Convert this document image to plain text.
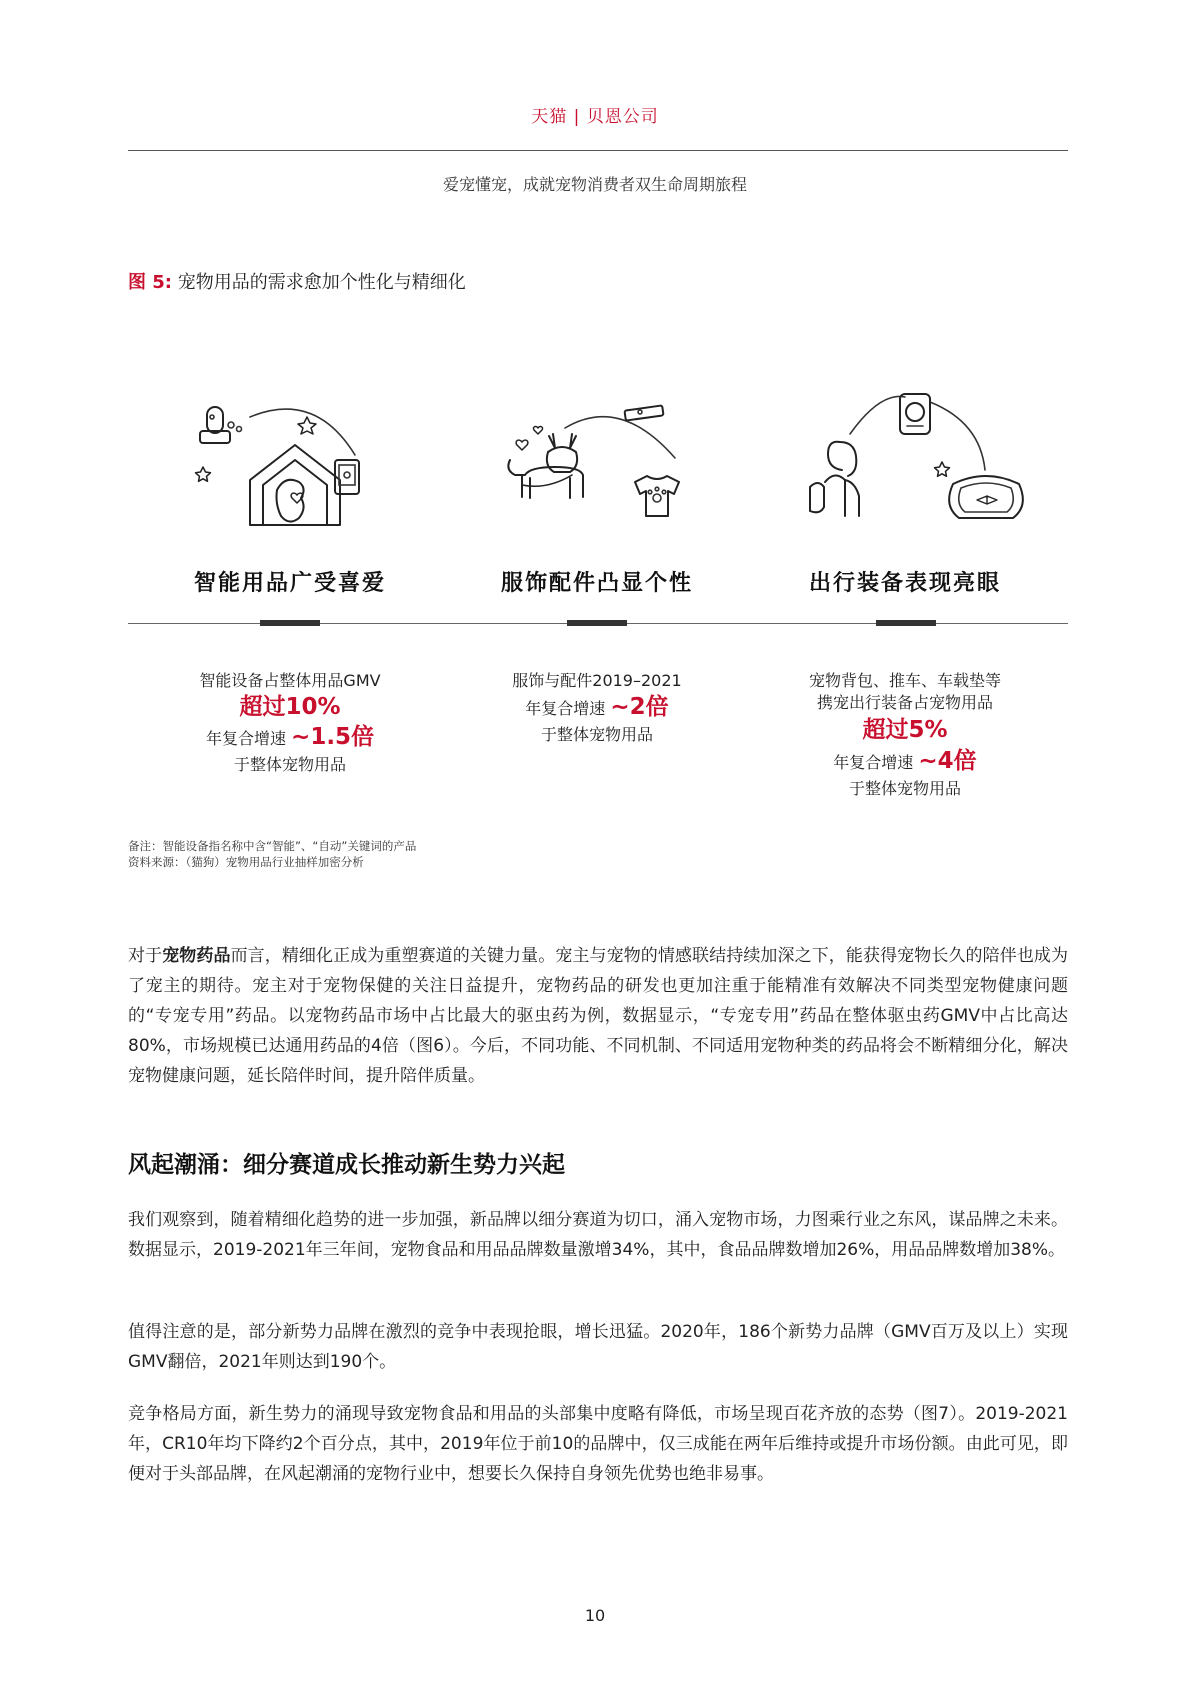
天猫 | 贝恩公司
爱宠懂宠，成就宠物消费者双生命周期旅程
图 5: 宠物用品的需求愈加个性化与精细化
智能用品广受喜爱	服饰配件凸显个性	出行装备表现亮眼
智能设备占整体用品GMV
超过10%
年复合增速 ~1.5倍
于整体宠物用品
服饰与配件2019–2021
年复合增速 ~2倍
于整体宠物用品
宠物背包、推车、车载垫等
携宠出行装备占宠物用品
超过5%
年复合增速 ~4倍
于整体宠物用品
备注：智能设备指名称中含“智能”、“自动”关键词的产品
资料来源：（猫狗）宠物用品行业抽样加密分析
对于宠物药品而言，精细化正成为重塑赛道的关键力量。宠主与宠物的情感联结持续加深之下，能获得宠物长久的陪伴也成为了宠主的期待。宠主对于宠物保健的关注日益提升，宠物药品的研发也更加注重于能精准有效解决不同类型宠物健康问题的“专宠专用”药品。以宠物药品市场中占比最大的驱虫药为例，数据显示，“专宠专用”药品在整体驱虫药GMV中占比高达80%，市场规模已达通用药品的4倍（图6）。今后，不同功能、不同机制、不同适用宠物种类的药品将会不断精细分化，解决宠物健康问题，延长陪伴时间，提升陪伴质量。
风起潮涌：细分赛道成长推动新生势力兴起
我们观察到，随着精细化趋势的进一步加强，新品牌以细分赛道为切口，涌入宠物市场，力图乘行业之东风，谋品牌之未来。数据显示，2019-2021年三年间，宠物食品和用品品牌数量激增34%，其中，食品品牌数增加26%，用品品牌数增加38%。
值得注意的是，部分新势力品牌在激烈的竞争中表现抢眼，增长迅猛。2020年，186个新势力品牌（GMV百万及以上）实现GMV翻倍，2021年则达到190个。
竞争格局方面，新生势力的涌现导致宠物食品和用品的头部集中度略有降低，市场呈现百花齐放的态势（图7）。2019-2021年，CR10年均下降约2个百分点，其中，2019年位于前10的品牌中，仅三成能在两年后维持或提升市场份额。由此可见，即便对于头部品牌，在风起潮涌的宠物行业中，想要长久保持自身领先优势也绝非易事。
10
